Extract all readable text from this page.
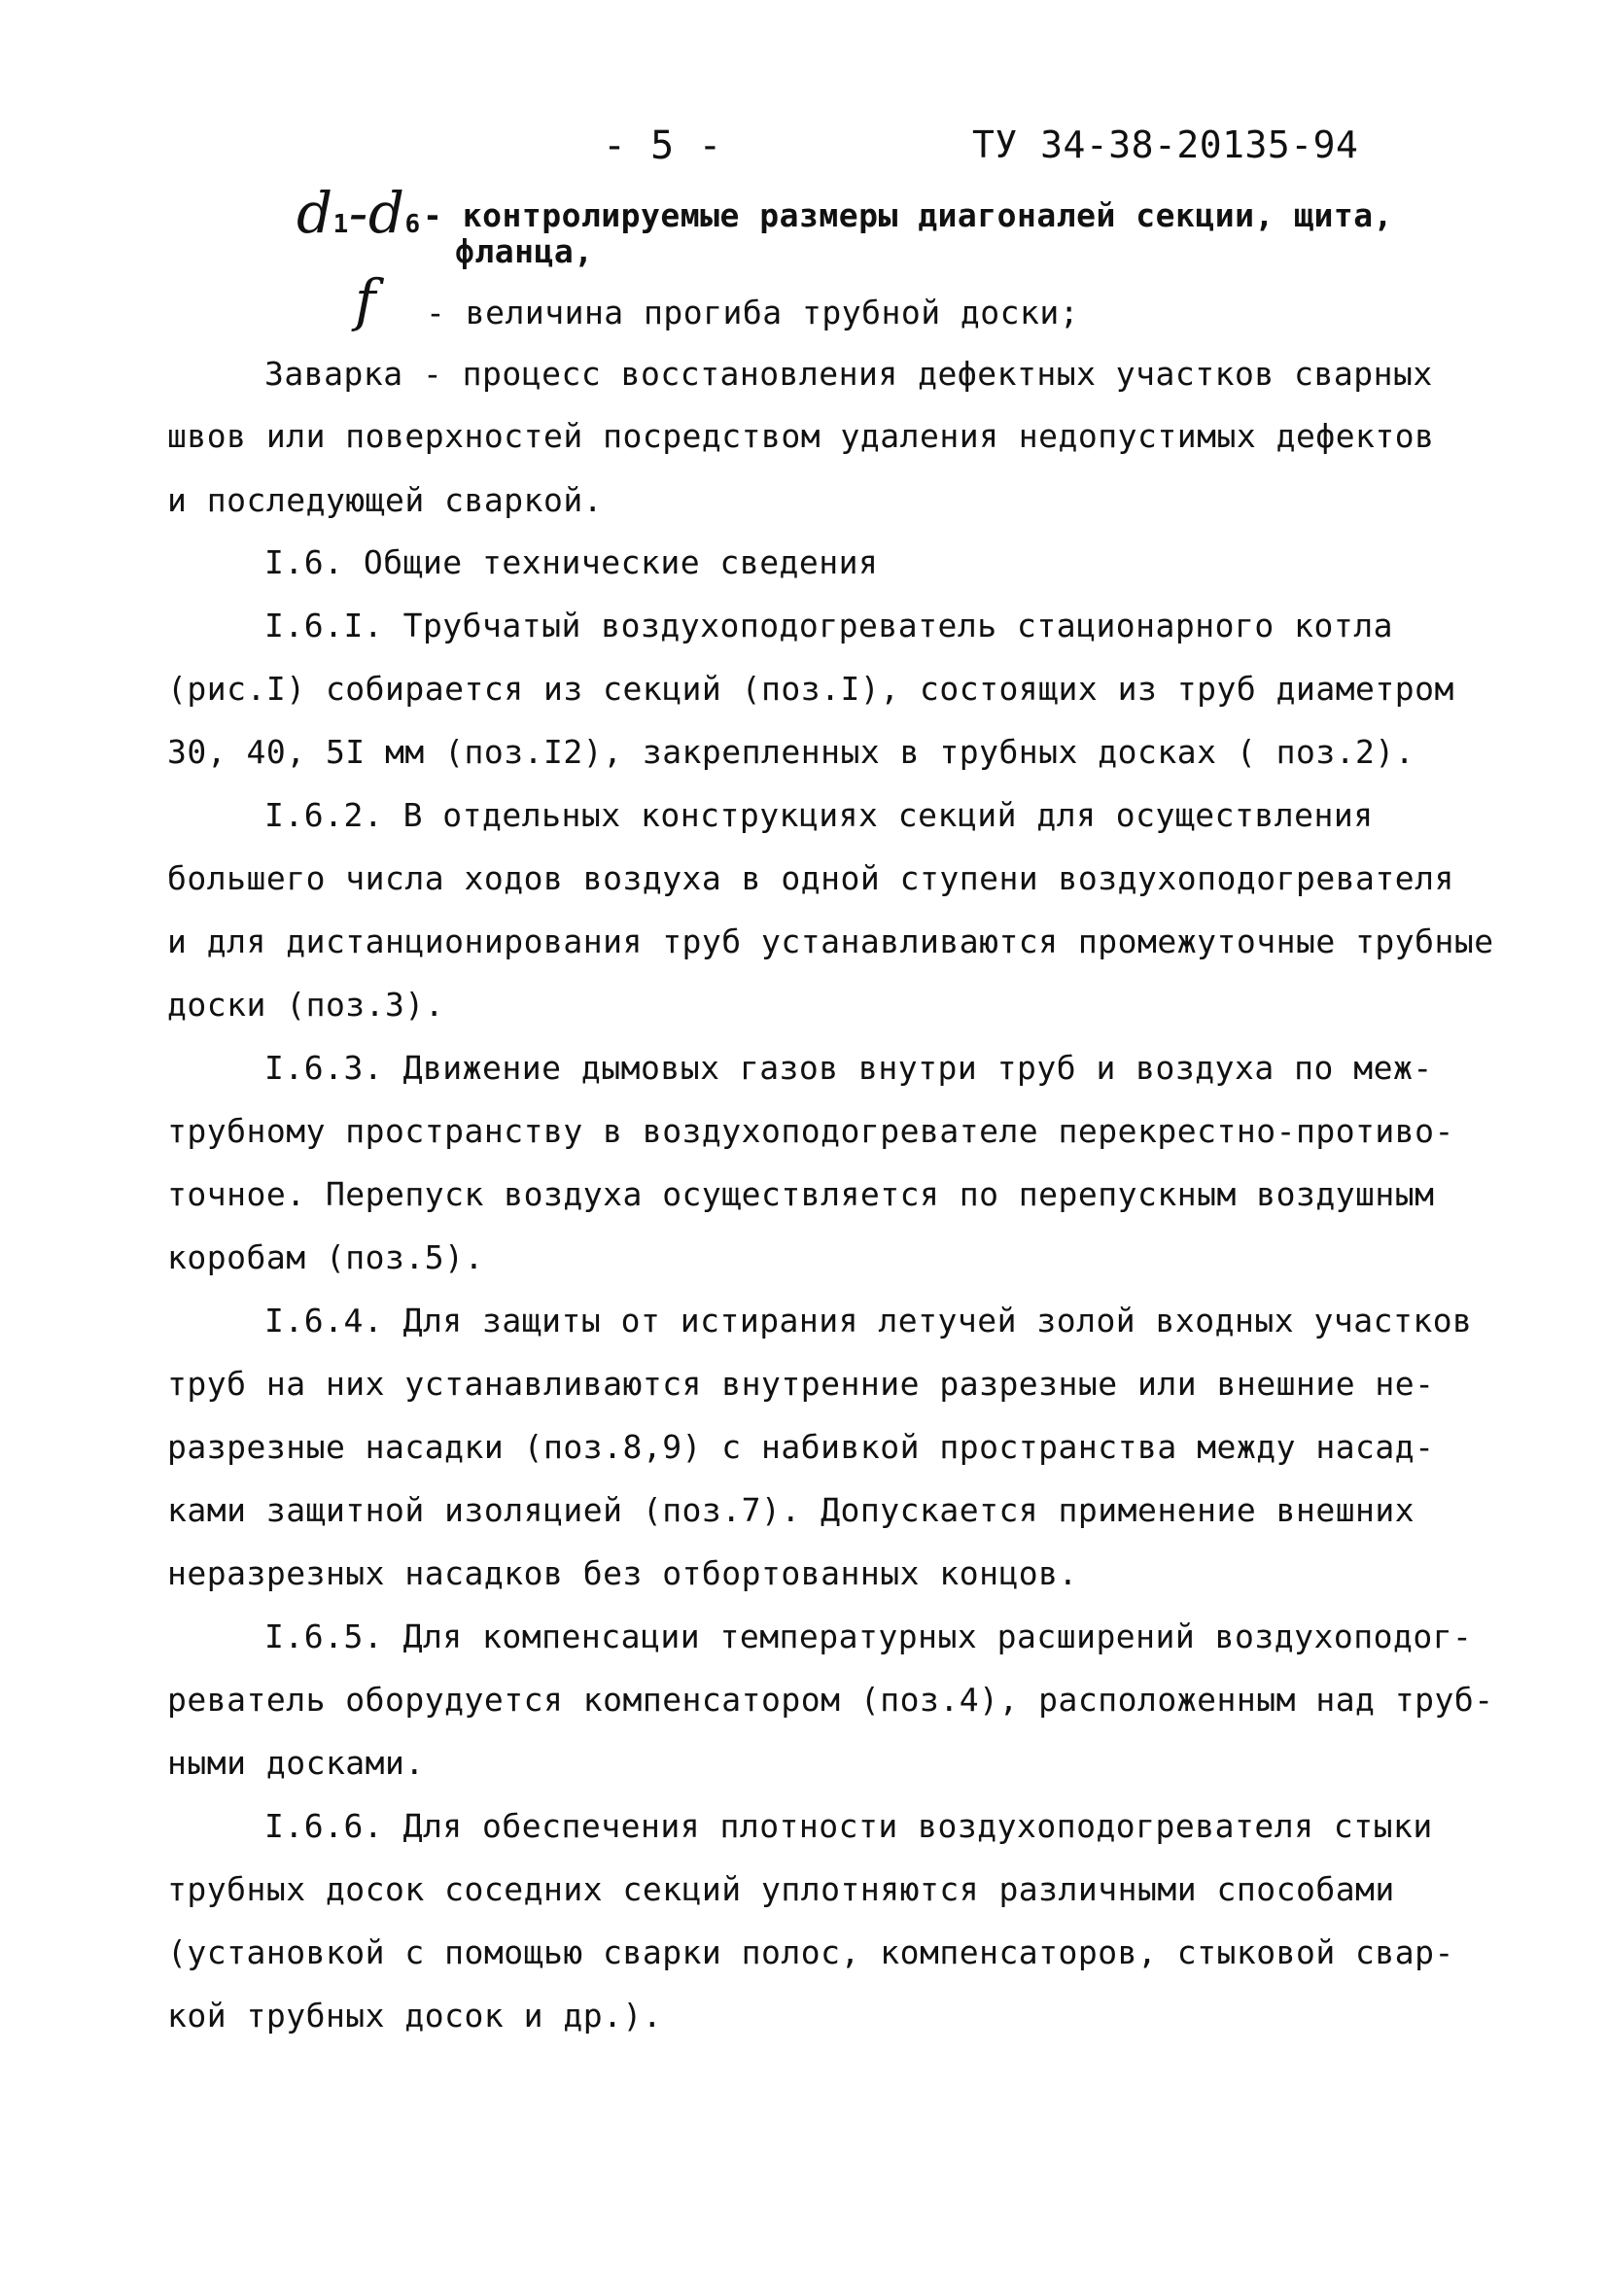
- 5 -	ТУ 34-38-20135-94
d1-d6 - контролируемые размеры диагоналей секции, щита,
фланца,
f - величина прогиба трубной доски;
Заварка - процесс восстановления дефектных участков сварных
швов или поверхностей посредством удаления недопустимых дефектов
и последующей сваркой.
I.6. Общие технические сведения
I.6.I. Трубчатый воздухоподогреватель стационарного котла
(рис.I) собирается из секций (поз.I), состоящих из труб диаметром
30, 40, 5I мм (поз.I2), закрепленных в трубных досках ( поз.2).
I.6.2. В отдельных конструкциях секций для осуществления
большего числа ходов воздуха в одной ступени воздухоподогревателя
и для дистанционирования труб устанавливаются промежуточные трубные
доски (поз.3).
I.6.3. Движение дымовых газов внутри труб и воздуха по меж-
трубному пространству в воздухоподогревателе перекрестно-противо-
точное. Перепуск воздуха осуществляется по перепускным воздушным
коробам (поз.5).
I.6.4. Для защиты от истирания летучей золой входных участков
труб на них устанавливаются внутренние разрезные или внешние не-
разрезные насадки (поз.8,9) с набивкой пространства между насад-
ками защитной изоляцией (поз.7). Допускается применение внешних
неразрезных насадков без отбортованных концов.
I.6.5. Для компенсации температурных расширений воздухоподог-
реватель оборудуется компенсатором (поз.4), расположенным над труб-
ными досками.
I.6.6. Для обеспечения плотности воздухоподогревателя стыки
трубных досок соседних секций уплотняются различными способами
(установкой с помощью сварки полос, компенсаторов, стыковой свар-
кой трубных досок и др.).
